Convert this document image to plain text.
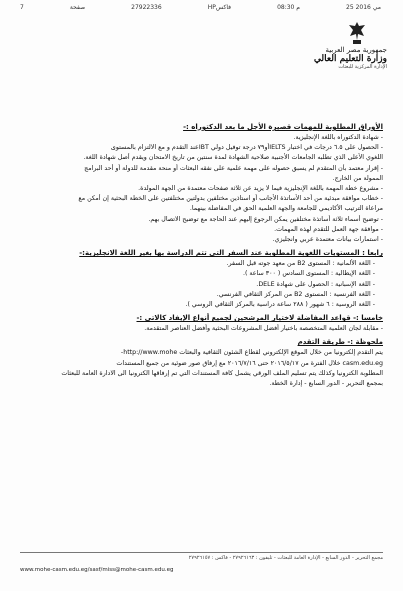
7	صفحة	27922336	HPفاكس	م 08:30	25 مي 2016
جمهورية مصر العربية
وزارة التعليم العالي
الإدارة المركزية للبعثات
الأوراق المطلوبة للمهمات قصيرة الأجل ما بعد الدكتوراه :-
- شهادة الدكتوراه باللغة الإنجليزية.
- الحصول على ٦.٥ درجات في اختبار IELTSأو٧٩ درجة توفيل دولي IBTعند التقدم و مع الالتزام بالمستوى
اللغوي الأعلى الذي تطلبه الجامعات الأجنبية صلاحية الشهادة لمدة سنتين من تاريخ الامتحان ويقدم أصل شهادة اللغة.
- إقرار معتمد بأن المتقدم لم يسبق حصوله على مهمة علمية على نفقه البعثات أو منحة مقدمة للدولة أو أحد البرامج
الممولة من الخارج.
- مشروع خطة المهمة باللغة الإنجليزية فيما لا يزيد عن ثلاثة صفحات معتمدة من الجهة المولدة.
- خطاب موافقة مبدئية من أحد الأساتذة الأجانب أو استاذين مختلفين بدولتين مختلفتين على الخطة البحثية إن أمكن مع
مراعاة الترتيب الأكاديمي للجامعة والجهة العلمية الحق في المفاضلة بينهما.
- توضيح أسماء ثلاثة أساتذة مختلفين يمكن الرجوع إليهم عند الحاجة مع توضيح الاتصال بهم.
- موافقة جهة العمل للتقدم لهذه المهمات.
- استمارات بيانات معتمدة عربي وانجليزي.
رابعا : المستويات اللغوية المطلوبة عند السفر التي تتم الدراسة بها بغير اللغة الانجليزية:-
- اللغة الألمانية : المستوى B2 من معهد جوته قبل السفر.
- اللغة الإيطالية : المستوى السادس ( ٣٠٠ ساعة ).
- اللغة الإسبانية : الحصول على شهادة DELE.
- اللغة الفرنسية : المستوى B2 من المركز الثقافي الفرنسي.
- اللغة الروسية : ٦ شهور ( ٢٨٨ ساعة دراسية بالمركز الثقافي الروسي ).
خامسا :- قواعد المفاضلة لاختيار المرشحين لجميع أنواع الإيفاد كالاتي :-
- مقابلة لجان العلمية المتخصصة باختيار أفضل المشروعات البحثية وأفضل العناصر المتقدمة.
ملحوظة :- طريقة التقدم
يتم التقدم إلكترونيا من خلال الموقع الإلكتروني لقطاع الشئون الثقافية والبعثات http://www.mohe-
casm.edu.eg خلال الفترة من ٢٠١٦/٥/١٧ حتى ٢٠١٦/٧/١٦ مع إرفاق صور ضوئية من جميع المستندات
المطلوبة الكترونيا وكذلك يتم تسليم الملف الورقي يشمل كافة المستندات التي تم إرفاقها الكترونيا الى الادارة العامة للبعثات
بمجمع التحرير - الدور السابع - إدارة الخطة.
مجمع التحرير - الدور السابع - الإدارة العامة للبعثات - تليفون : ٢٧٩٢٦١٦٣ - فاكس : ٢٧٩٢٦١٥٧
www.mohe-casm.edu.eg/sasf/miss@mohe-casm.edu.eg
